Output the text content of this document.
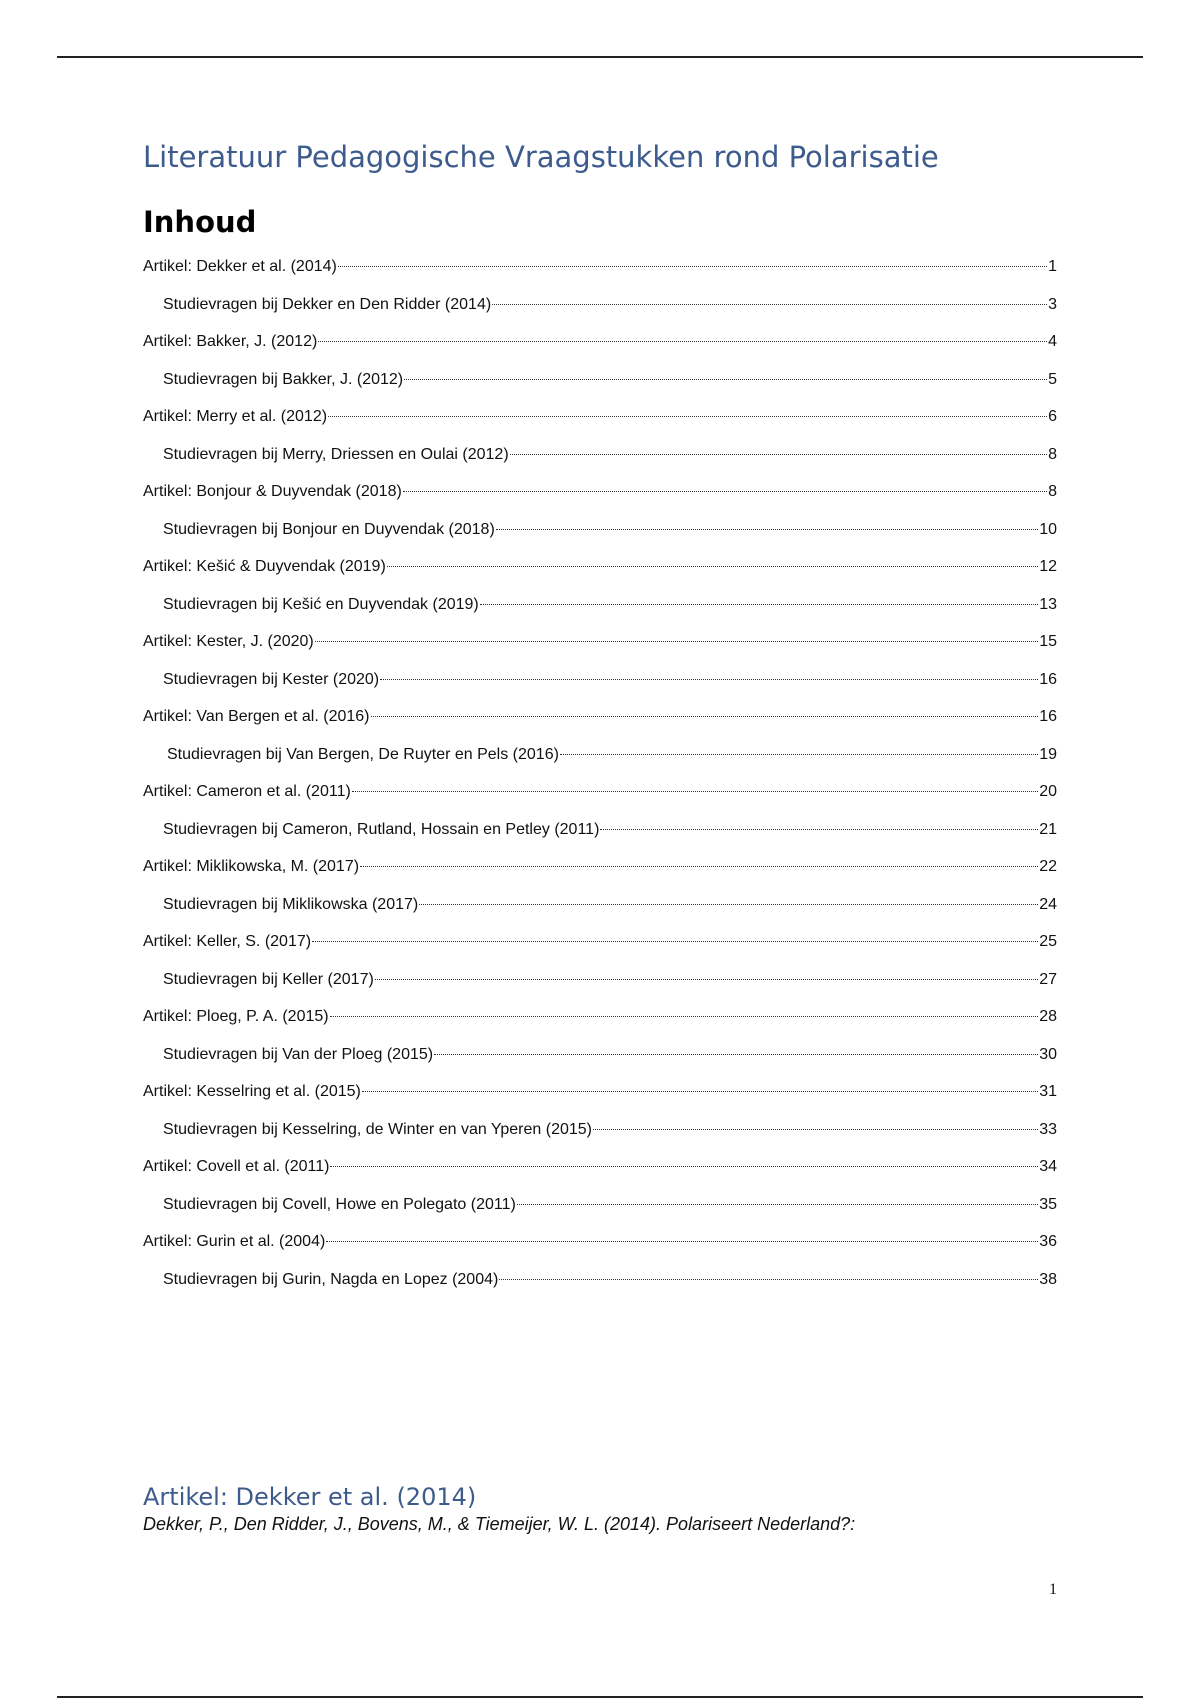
Literatuur Pedagogische Vraagstukken rond Polarisatie
Inhoud
Artikel: Dekker et al. (2014)	1
Studievragen bij Dekker en Den Ridder (2014)	3
Artikel: Bakker, J. (2012)	4
Studievragen bij Bakker, J. (2012)	5
Artikel: Merry et al. (2012)	6
Studievragen bij Merry, Driessen en Oulai (2012)	8
Artikel: Bonjour & Duyvendak (2018)	8
Studievragen bij Bonjour en Duyvendak (2018)	10
Artikel: Kešić & Duyvendak (2019)	12
Studievragen bij Kešić en Duyvendak (2019)	13
Artikel: Kester, J. (2020)	15
Studievragen bij Kester (2020)	16
Artikel: Van Bergen et al. (2016)	16
Studievragen bij Van Bergen, De Ruyter en Pels (2016)	19
Artikel: Cameron et al. (2011)	20
Studievragen bij Cameron, Rutland, Hossain en Petley (2011)	21
Artikel: Miklikowska, M. (2017)	22
Studievragen bij Miklikowska (2017)	24
Artikel: Keller, S. (2017)	25
Studievragen bij Keller (2017)	27
Artikel: Ploeg, P. A. (2015)	28
Studievragen bij Van der Ploeg (2015)	30
Artikel: Kesselring et al. (2015)	31
Studievragen bij Kesselring, de Winter en van Yperen (2015)	33
Artikel: Covell et al. (2011)	34
Studievragen bij Covell, Howe en Polegato (2011)	35
Artikel: Gurin et al. (2004)	36
Studievragen bij Gurin, Nagda en Lopez (2004)	38
Artikel: Dekker et al. (2014)

Dekker, P., Den Ridder, J., Bovens, M., & Tiemeijer, W. L. (2014). Polariseert Nederland?:

1
